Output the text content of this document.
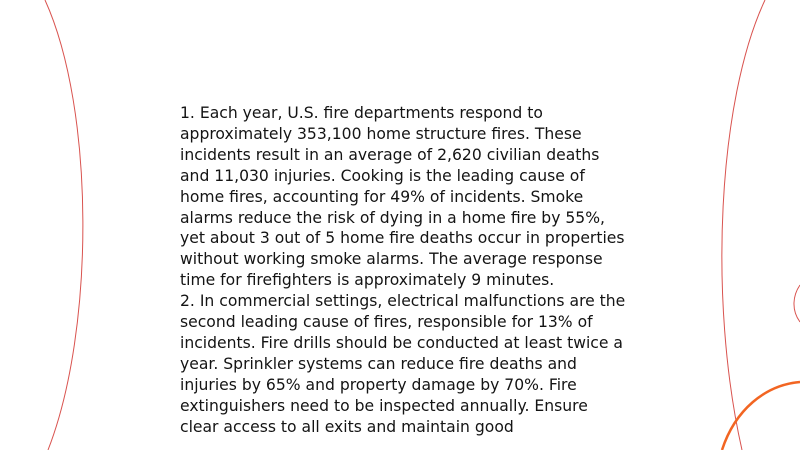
1. Each year, U.S. fire departments respond to approximately 353,100 home structure fires. These incidents result in an average of 2,620 civilian deaths and 11,030 injuries. Cooking is the leading cause of home fires, accounting for 49% of incidents. Smoke alarms reduce the risk of dying in a home fire by 55%, yet about 3 out of 5 home fire deaths occur in properties without working smoke alarms. The average response time for firefighters is approximately 9 minutes.

2. In commercial settings, electrical malfunctions are the second leading cause of fires, responsible for 13% of incidents. Fire drills should be conducted at least twice a year. Sprinkler systems can reduce fire deaths and injuries by 65% and property damage by 70%. Fire extinguishers need to be inspected annually. Ensure clear access to all exits and maintain good
